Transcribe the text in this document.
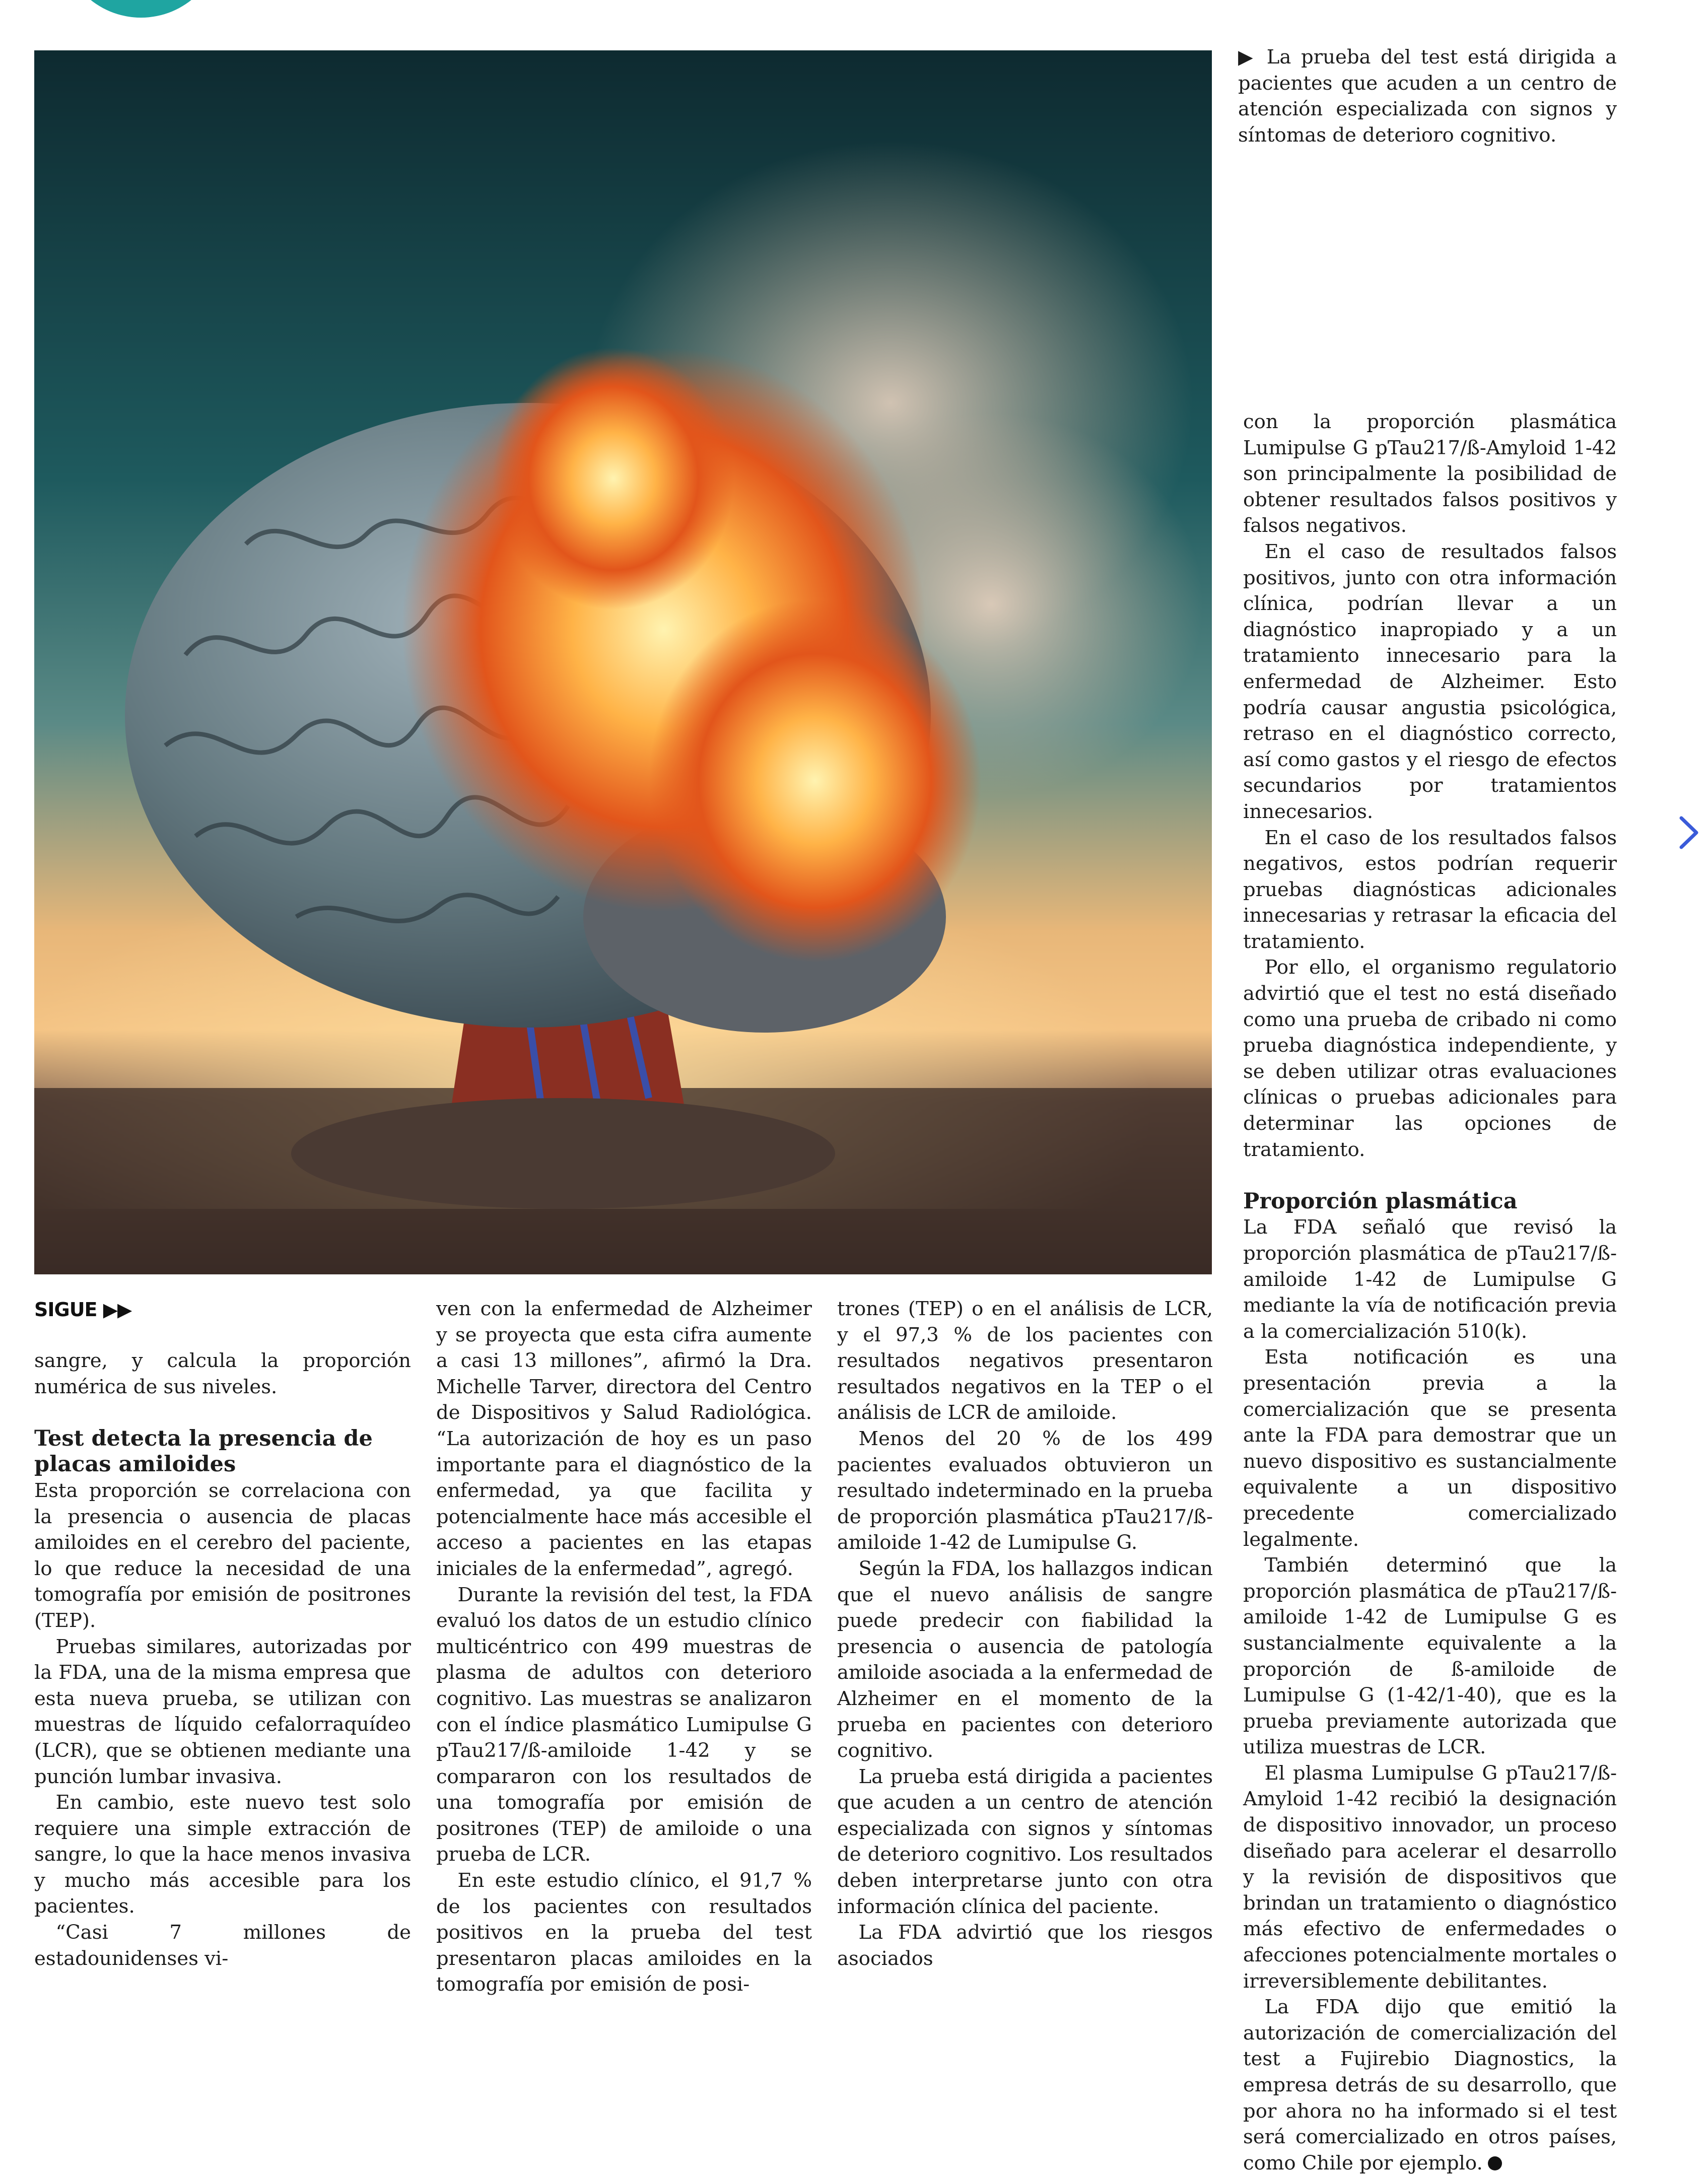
▶ La prueba del test está dirigida a pacientes que acuden a un centro de atención especializada con signos y síntomas de deterioro cognitivo.

con la proporción plasmática Lumipulse G pTau217/ß-Amyloid 1-42 son principalmente la posibilidad de obtener resultados falsos positivos y falsos negativos.

En el caso de resultados falsos positivos, junto con otra información clínica, podrían llevar a un diagnóstico inapropiado y a un tratamiento innecesario para la enfermedad de Alzheimer. Esto podría causar angustia psicológica, retraso en el diagnóstico correcto, así como gastos y el riesgo de efectos secundarios por tratamientos innecesarios.

En el caso de los resultados falsos negativos, estos podrían requerir pruebas diagnósticas adicionales innecesarias y retrasar la eficacia del tratamiento.

Por ello, el organismo regulatorio advirtió que el test no está diseñado como una prueba de cribado ni como prueba diagnóstica independiente, y se deben utilizar otras evaluaciones clínicas o pruebas adicionales para determinar las opciones de tratamiento.

Proporción plasmática

La FDA señaló que revisó la proporción plasmática de pTau217/ß-amiloide 1-42 de Lumipulse G mediante la vía de notificación previa a la comercialización 510(k).

Esta notificación es una presentación previa a la comercialización que se presenta ante la FDA para demostrar que un nuevo dispositivo es sustancialmente equivalente a un dispositivo precedente comercializado legalmente.

También determinó que la proporción plasmática de pTau217/ß-amiloide 1-42 de Lumipulse G es sustancialmente equivalente a la proporción de ß-amiloide de Lumipulse G (1-42/1-40), que es la prueba previamente autorizada que utiliza muestras de LCR.

El plasma Lumipulse G pTau217/ß-Amyloid 1-42 recibió la designación de dispositivo innovador, un proceso diseñado para acelerar el desarrollo y la revisión de dispositivos que brindan un tratamiento o diagnóstico más efectivo de enfermedades o afecciones potencialmente mortales o irreversiblemente debilitantes.

La FDA dijo que emitió la autorización de comercialización del test a Fujirebio Diagnostics, la empresa detrás de su desarrollo, que por ahora no ha informado si el test será comercializado en otros países, como Chile por ejemplo.

SIGUE ▶▶

sangre, y calcula la proporción numérica de sus niveles.

Test detecta la presencia de placas amiloides

Esta proporción se correlaciona con la presencia o ausencia de placas amiloides en el cerebro del paciente, lo que reduce la necesidad de una tomografía por emisión de positrones (TEP).

Pruebas similares, autorizadas por la FDA, una de la misma empresa que esta nueva prueba, se utilizan con muestras de líquido cefalorraquídeo (LCR), que se obtienen mediante una punción lumbar invasiva.

En cambio, este nuevo test solo requiere una simple extracción de sangre, lo que la hace menos invasiva y mucho más accesible para los pacientes.

“Casi 7 millones de estadounidenses vi-

ven con la enfermedad de Alzheimer y se proyecta que esta cifra aumente a casi 13 millones”, afirmó la Dra. Michelle Tarver, directora del Centro de Dispositivos y Salud Radiológica. “La autorización de hoy es un paso importante para el diagnóstico de la enfermedad, ya que facilita y potencialmente hace más accesible el acceso a pacientes en las etapas iniciales de la enfermedad”, agregó.

Durante la revisión del test, la FDA evaluó los datos de un estudio clínico multicéntrico con 499 muestras de plasma de adultos con deterioro cognitivo. Las muestras se analizaron con el índice plasmático Lumipulse G pTau217/ß-amiloide 1-42 y se compararon con los resultados de una tomografía por emisión de positrones (TEP) de amiloide o una prueba de LCR.

En este estudio clínico, el 91,7 % de los pacientes con resultados positivos en la prueba del test presentaron placas amiloides en la tomografía por emisión de posi-

trones (TEP) o en el análisis de LCR, y el 97,3 % de los pacientes con resultados negativos presentaron resultados negativos en la TEP o el análisis de LCR de amiloide.

Menos del 20 % de los 499 pacientes evaluados obtuvieron un resultado indeterminado en la prueba de proporción plasmática pTau217/ß-amiloide 1-42 de Lumipulse G.

Según la FDA, los hallazgos indican que el nuevo análisis de sangre puede predecir con fiabilidad la presencia o ausencia de patología amiloide asociada a la enfermedad de Alzheimer en el momento de la prueba en pacientes con deterioro cognitivo.

La prueba está dirigida a pacientes que acuden a un centro de atención especializada con signos y síntomas de deterioro cognitivo. Los resultados deben interpretarse junto con otra información clínica del paciente.

La FDA advirtió que los riesgos asociados
